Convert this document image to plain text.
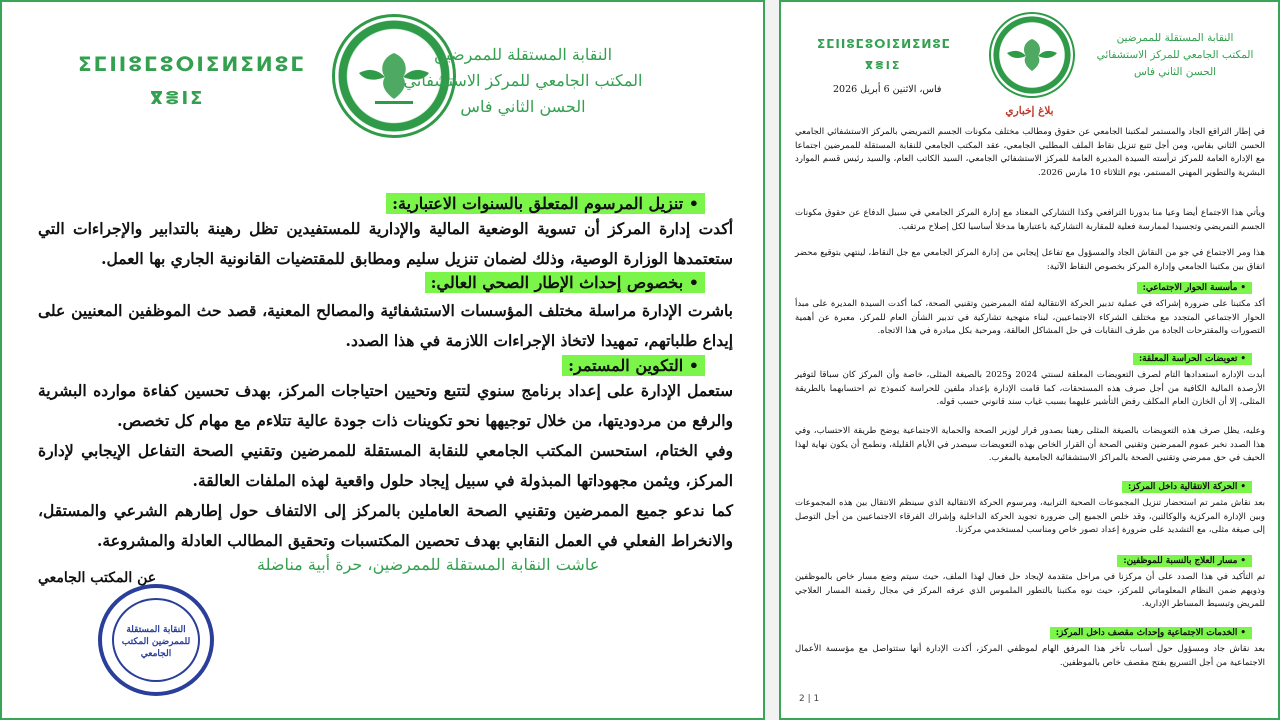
ⵉⵎⵏⵏⵓⵎⵓⵔⵏⵉⵍⵉⵍⵓⵎ
ⴳⴻⵏⵉ
النقابة المستقلة للممرضين
المكتب الجامعي للمركز الاستشفائي
الحسن الثاني فاس
• تنزيل المرسوم المتعلق بالسنوات الاعتبارية:
أكدت إدارة المركز أن تسوية الوضعية المالية والإدارية للمستفيدين تظل رهينة بالتدابير والإجراءات التي ستعتمدها الوزارة الوصية، وذلك لضمان تنزيل سليم ومطابق للمقتضيات القانونية الجاري بها العمل.
• بخصوص إحداث الإطار الصحي العالي:
باشرت الإدارة مراسلة مختلف المؤسسات الاستشفائية والمصالح المعنية، قصد حث الموظفين المعنيين على إيداع طلباتهم، تمهيدا لاتخاذ الإجراءات اللازمة في هذا الصدد.
• التكوين المستمر:
ستعمل الإدارة على إعداد برنامج سنوي لتتبع وتحيين احتياجات المركز، بهدف تحسين كفاءة موارده البشرية والرفع من مردوديتها، من خلال توجيهها نحو تكوينات ذات جودة عالية تتلاءم مع مهام كل تخصص.
وفي الختام، استحسن المكتب الجامعي للنقابة المستقلة للممرضين وتقنيي الصحة التفاعل الإيجابي لإدارة المركز، ويثمن مجهوداتها المبذولة في سبيل إيجاد حلول واقعية لهذه الملفات العالقة.
كما ندعو جميع الممرضين وتقنيي الصحة العاملين بالمركز إلى الالتفاف حول إطارهم الشرعي والمستقل، والانخراط الفعلي في العمل النقابي بهدف تحصين المكتسبات وتحقيق المطالب العادلة والمشروعة.
عاشت النقابة المستقلة للممرضين، حرة أبية مناضلة
عن المكتب الجامعي
النقابة المستقلة للممرضين المكتب الجامعي
ⵉⵎⵏⵏⵓⵎⵓⵔⵏⵉⵍⵉⵍⵓⵎ
ⴳⴻⵏⵉ
النقابة المستقلة للممرضين
المكتب الجامعي للمركز الاستشفائي
الحسن الثاني فاس
فاس، الاثنين 6 أبريل 2026
بلاغ إخباري
في إطار الترافع الجاد والمستمر لمكتبنا الجامعي عن حقوق ومطالب مختلف مكونات الجسم التمريضي بالمركز الاستشفائي الجامعي الحسن الثاني بفاس، ومن أجل تتبع تنزيل نقاط الملف المطلبي الجامعي، عقد المكتب الجامعي للنقابة المستقلة للممرضين اجتماعا مع الإدارة العامة للمركز ترأسته السيدة المديرة العامة للمركز الاستشفائي الجامعي، السيد الكاتب العام، والسيد رئيس قسم الموارد البشرية والتطوير المهني المستمر، يوم الثلاثاء 10 مارس 2026.
ويأتي هذا الاجتماع أيضا وعيا منا بدورنا الترافعي وكذا التشاركي المعتاد مع إدارة المركز الجامعي في سبيل الدفاع عن حقوق مكونات الجسم التمريضي وتجسيدا لممارسة فعلية للمقاربة التشاركية باعتبارها مدخلا أساسيا لكل إصلاح مرتقب.
هذا ومر الاجتماع في جو من النقاش الجاد والمسؤول مع تفاعل إيجابي من إدارة المركز الجامعي مع جل النقاط، لينتهي بتوقيع محضر اتفاق بين مكتبنا الجامعي وإدارة المركز بخصوص النقاط الآتية:
• مأسسة الحوار الاجتماعي:
أكد مكتبنا على ضرورة إشراكه في عملية تدبير الحركة الانتقالية لفئة الممرضين وتقنيي الصحة، كما أكدت السيدة المديرة على مبدأ الحوار الاجتماعي المتجدد مع مختلف الشركاء الاجتماعيين، لبناء منهجية تشاركية في تدبير الشأن العام للمركز، معبرة عن أهمية التصورات والمقترحات الجادة من طرف النقابات في حل المشاكل العالقة، ومرحبة بكل مبادرة في هذا الاتجاه.
• تعويضات الحراسة المعلقة:
أبدت الإدارة استعدادها التام لصرف التعويضات المعلقة لسنتي 2024 و2025 بالصيغة المثلى، خاصة وأن المركز كان سباقا لتوفير الأرصدة المالية الكافية من أجل صرف هذه المستحقات، كما قامت الإدارة بإعداد ملفين للحراسة كنموذج تم احتسابهما بالطريقة المثلى، إلا أن الخازن العام المكلف رفض التأشير عليهما بسبب غياب سند قانوني حسب قوله.
وعليه، يظل صرف هذه التعويضات بالصيغة المثلى رهينا بصدور قرار لوزير الصحة والحماية الاجتماعية يوضح طريقة الاحتساب، وفي هذا الصدد نخبر عموم الممرضين وتقنيي الصحة أن القرار الخاص بهذه التعويضات سيصدر في الأيام القليلة، ونطمح أن يكون نهاية لهذا الحيف في حق ممرضي وتقنيي الصحة بالمراكز الاستشفائية الجامعية بالمغرب.
• الحركة الانتقالية داخل المركز:
بعد نقاش مثمر تم استحضار تنزيل المجموعات الصحية الترابية، ومرسوم الحركة الانتقالية الذي سينظم الانتقال بين هذه المجموعات وبين الإدارة المركزية والوكالتين، وقد خلص الجميع إلى ضرورة تجويد الحركة الداخلية وإشراك الفرقاء الاجتماعيين من أجل التوصل إلى صيغة مثلى، مع التشديد على ضرورة إعداد تصور خاص ومناسب لمستخدمي مركزنا.
• مسار العلاج بالنسبة للموظفين:
تم التأكيد في هذا الصدد على أن مركزنا في مراحل متقدمة لإيجاد حل فعال لهذا الملف، حيث سيتم وضع مسار خاص بالموظفين وذويهم ضمن النظام المعلوماتي للمركز، حيث نوه مكتبنا بالتطور الملموس الذي عرفه المركز في مجال رقمنة المسار العلاجي للمريض وتبسيط المساطر الإدارية.
• الخدمات الاجتماعية وإحداث مقصف داخل المركز:
بعد نقاش جاد ومسؤول حول أسباب تأخر هذا المرفق الهام لموظفي المركز، أكدت الإدارة أنها ستتواصل مع مؤسسة الأعمال الاجتماعية من أجل التسريع بفتح مقصف خاص بالموظفين.
2 | 1
